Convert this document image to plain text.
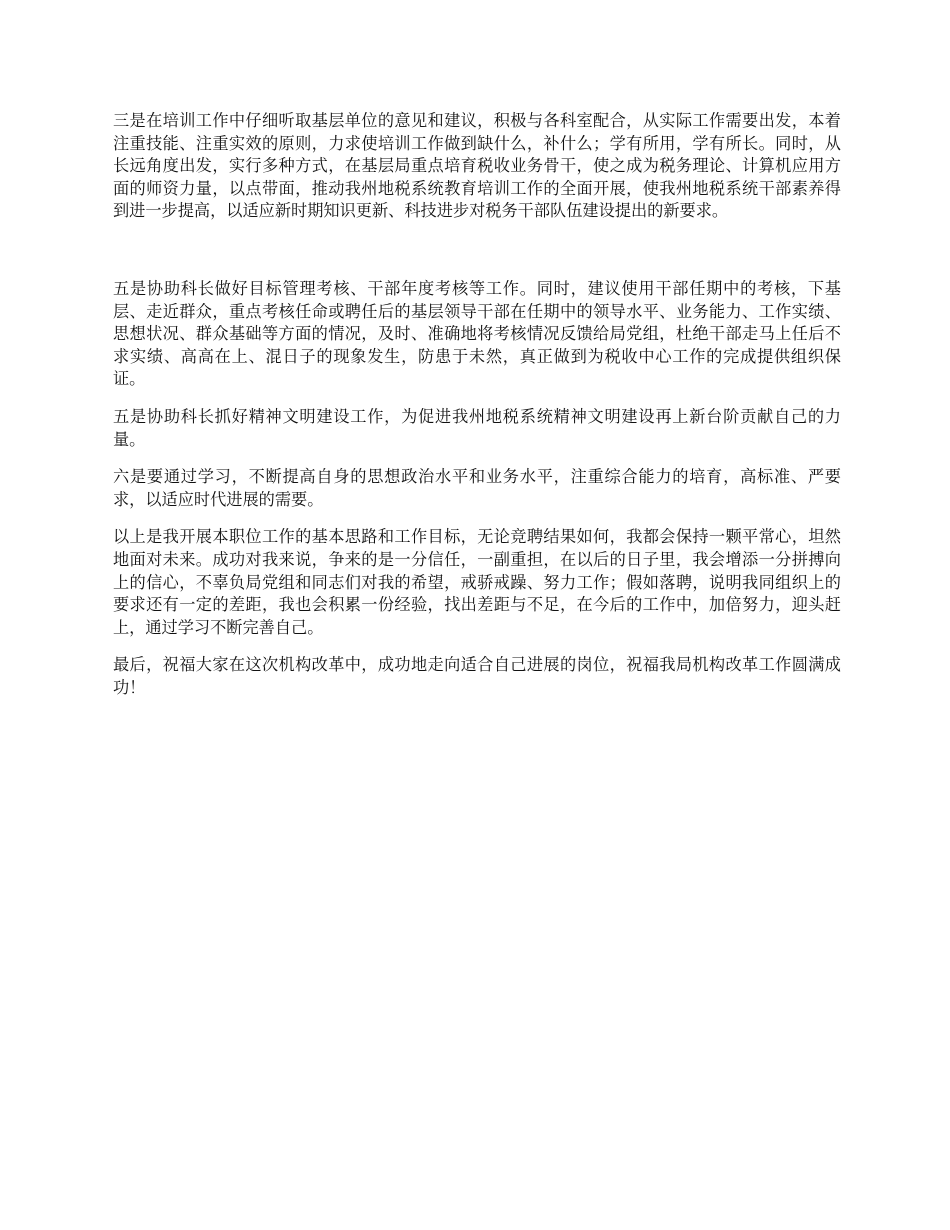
三是在培训工作中仔细听取基层单位的意见和建议，积极与各科室配合，从实际工作需要出发，本着注重技能、注重实效的原则，力求使培训工作做到缺什么，补什么；学有所用，学有所长。同时，从长远角度出发，实行多种方式，在基层局重点培育税收业务骨干，使之成为税务理论、计算机应用方面的师资力量，以点带面，推动我州地税系统教育培训工作的全面开展，使我州地税系统干部素养得到进一步提高，以适应新时期知识更新、科技进步对税务干部队伍建设提出的新要求。

五是协助科长做好目标管理考核、干部年度考核等工作。同时，建议使用干部任期中的考核，下基层、走近群众，重点考核任命或聘任后的基层领导干部在任期中的领导水平、业务能力、工作实绩、思想状况、群众基础等方面的情况，及时、准确地将考核情况反馈给局党组，杜绝干部走马上任后不求实绩、高高在上、混日子的现象发生，防患于未然，真正做到为税收中心工作的完成提供组织保证。

五是协助科长抓好精神文明建设工作，为促进我州地税系统精神文明建设再上新台阶贡献自己的力量。

六是要通过学习，不断提高自身的思想政治水平和业务水平，注重综合能力的培育，高标准、严要求，以适应时代进展的需要。

以上是我开展本职位工作的基本思路和工作目标，无论竞聘结果如何，我都会保持一颗平常心，坦然地面对未来。成功对我来说，争来的是一分信任，一副重担，在以后的日子里，我会增添一分拼搏向上的信心，不辜负局党组和同志们对我的希望，戒骄戒躁、努力工作；假如落聘，说明我同组织上的要求还有一定的差距，我也会积累一份经验，找出差距与不足，在今后的工作中，加倍努力，迎头赶上，通过学习不断完善自己。

最后，祝福大家在这次机构改革中，成功地走向适合自己进展的岗位，祝福我局机构改革工作圆满成功！
